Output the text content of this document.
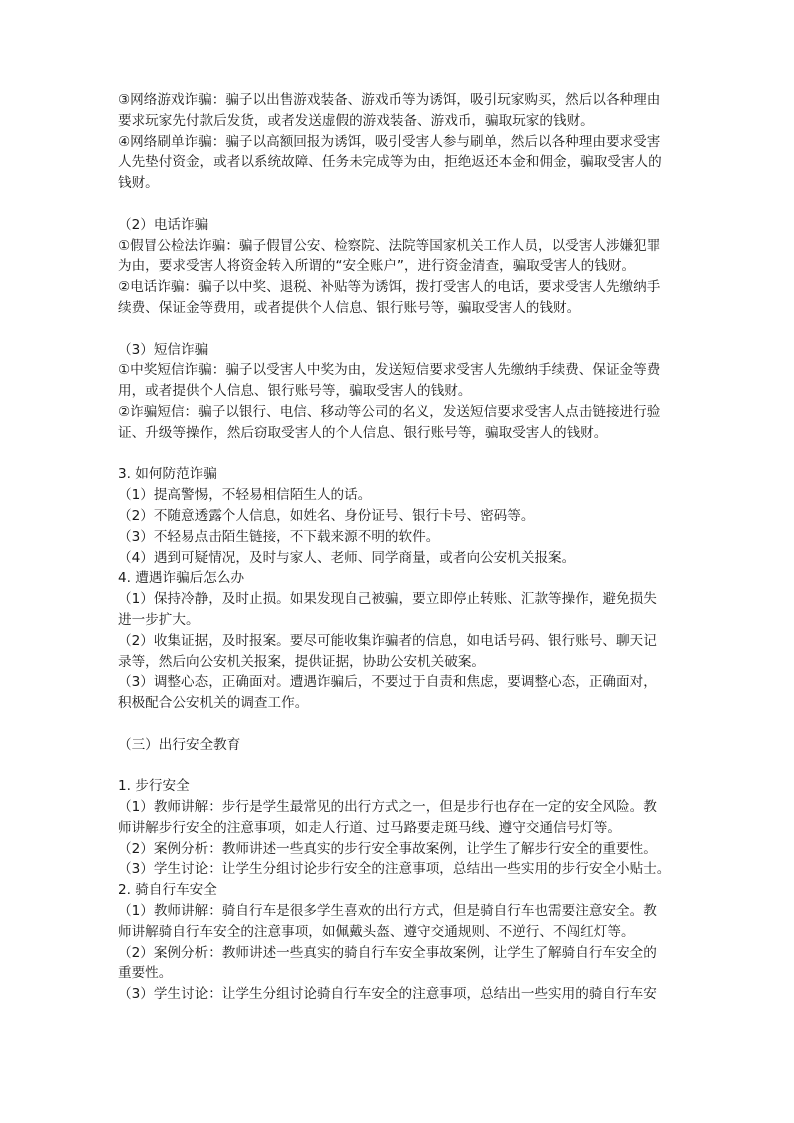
③网络游戏诈骗：骗子以出售游戏装备、游戏币等为诱饵，吸引玩家购买，然后以各种理由
要求玩家先付款后发货，或者发送虚假的游戏装备、游戏币，骗取玩家的钱财。
④网络刷单诈骗：骗子以高额回报为诱饵，吸引受害人参与刷单，然后以各种理由要求受害
人先垫付资金，或者以系统故障、任务未完成等为由，拒绝返还本金和佣金，骗取受害人的
钱财。
（2）电话诈骗
①假冒公检法诈骗：骗子假冒公安、检察院、法院等国家机关工作人员，以受害人涉嫌犯罪
为由，要求受害人将资金转入所谓的“安全账户”，进行资金清查，骗取受害人的钱财。
②电话诈骗：骗子以中奖、退税、补贴等为诱饵，拨打受害人的电话，要求受害人先缴纳手
续费、保证金等费用，或者提供个人信息、银行账号等，骗取受害人的钱财。
（3）短信诈骗
①中奖短信诈骗：骗子以受害人中奖为由，发送短信要求受害人先缴纳手续费、保证金等费
用，或者提供个人信息、银行账号等，骗取受害人的钱财。
②诈骗短信：骗子以银行、电信、移动等公司的名义，发送短信要求受害人点击链接进行验
证、升级等操作，然后窃取受害人的个人信息、银行账号等，骗取受害人的钱财。
3. 如何防范诈骗
（1）提高警惕，不轻易相信陌生人的话。
（2）不随意透露个人信息，如姓名、身份证号、银行卡号、密码等。
（3）不轻易点击陌生链接，不下载来源不明的软件。
（4）遇到可疑情况，及时与家人、老师、同学商量，或者向公安机关报案。
4. 遭遇诈骗后怎么办
（1）保持冷静，及时止损。如果发现自己被骗，要立即停止转账、汇款等操作，避免损失
进一步扩大。
（2）收集证据，及时报案。要尽可能收集诈骗者的信息，如电话号码、银行账号、聊天记
录等，然后向公安机关报案，提供证据，协助公安机关破案。
（3）调整心态，正确面对。遭遇诈骗后，不要过于自责和焦虑，要调整心态，正确面对，
积极配合公安机关的调查工作。
（三）出行安全教育
1. 步行安全
（1）教师讲解：步行是学生最常见的出行方式之一，但是步行也存在一定的安全风险。教
师讲解步行安全的注意事项，如走人行道、过马路要走斑马线、遵守交通信号灯等。
（2）案例分析：教师讲述一些真实的步行安全事故案例，让学生了解步行安全的重要性。
（3）学生讨论：让学生分组讨论步行安全的注意事项，总结出一些实用的步行安全小贴士。
2. 骑自行车安全
（1）教师讲解：骑自行车是很多学生喜欢的出行方式，但是骑自行车也需要注意安全。教
师讲解骑自行车安全的注意事项，如佩戴头盔、遵守交通规则、不逆行、不闯红灯等。
（2）案例分析：教师讲述一些真实的骑自行车安全事故案例，让学生了解骑自行车安全的
重要性。
（3）学生讨论：让学生分组讨论骑自行车安全的注意事项，总结出一些实用的骑自行车安
